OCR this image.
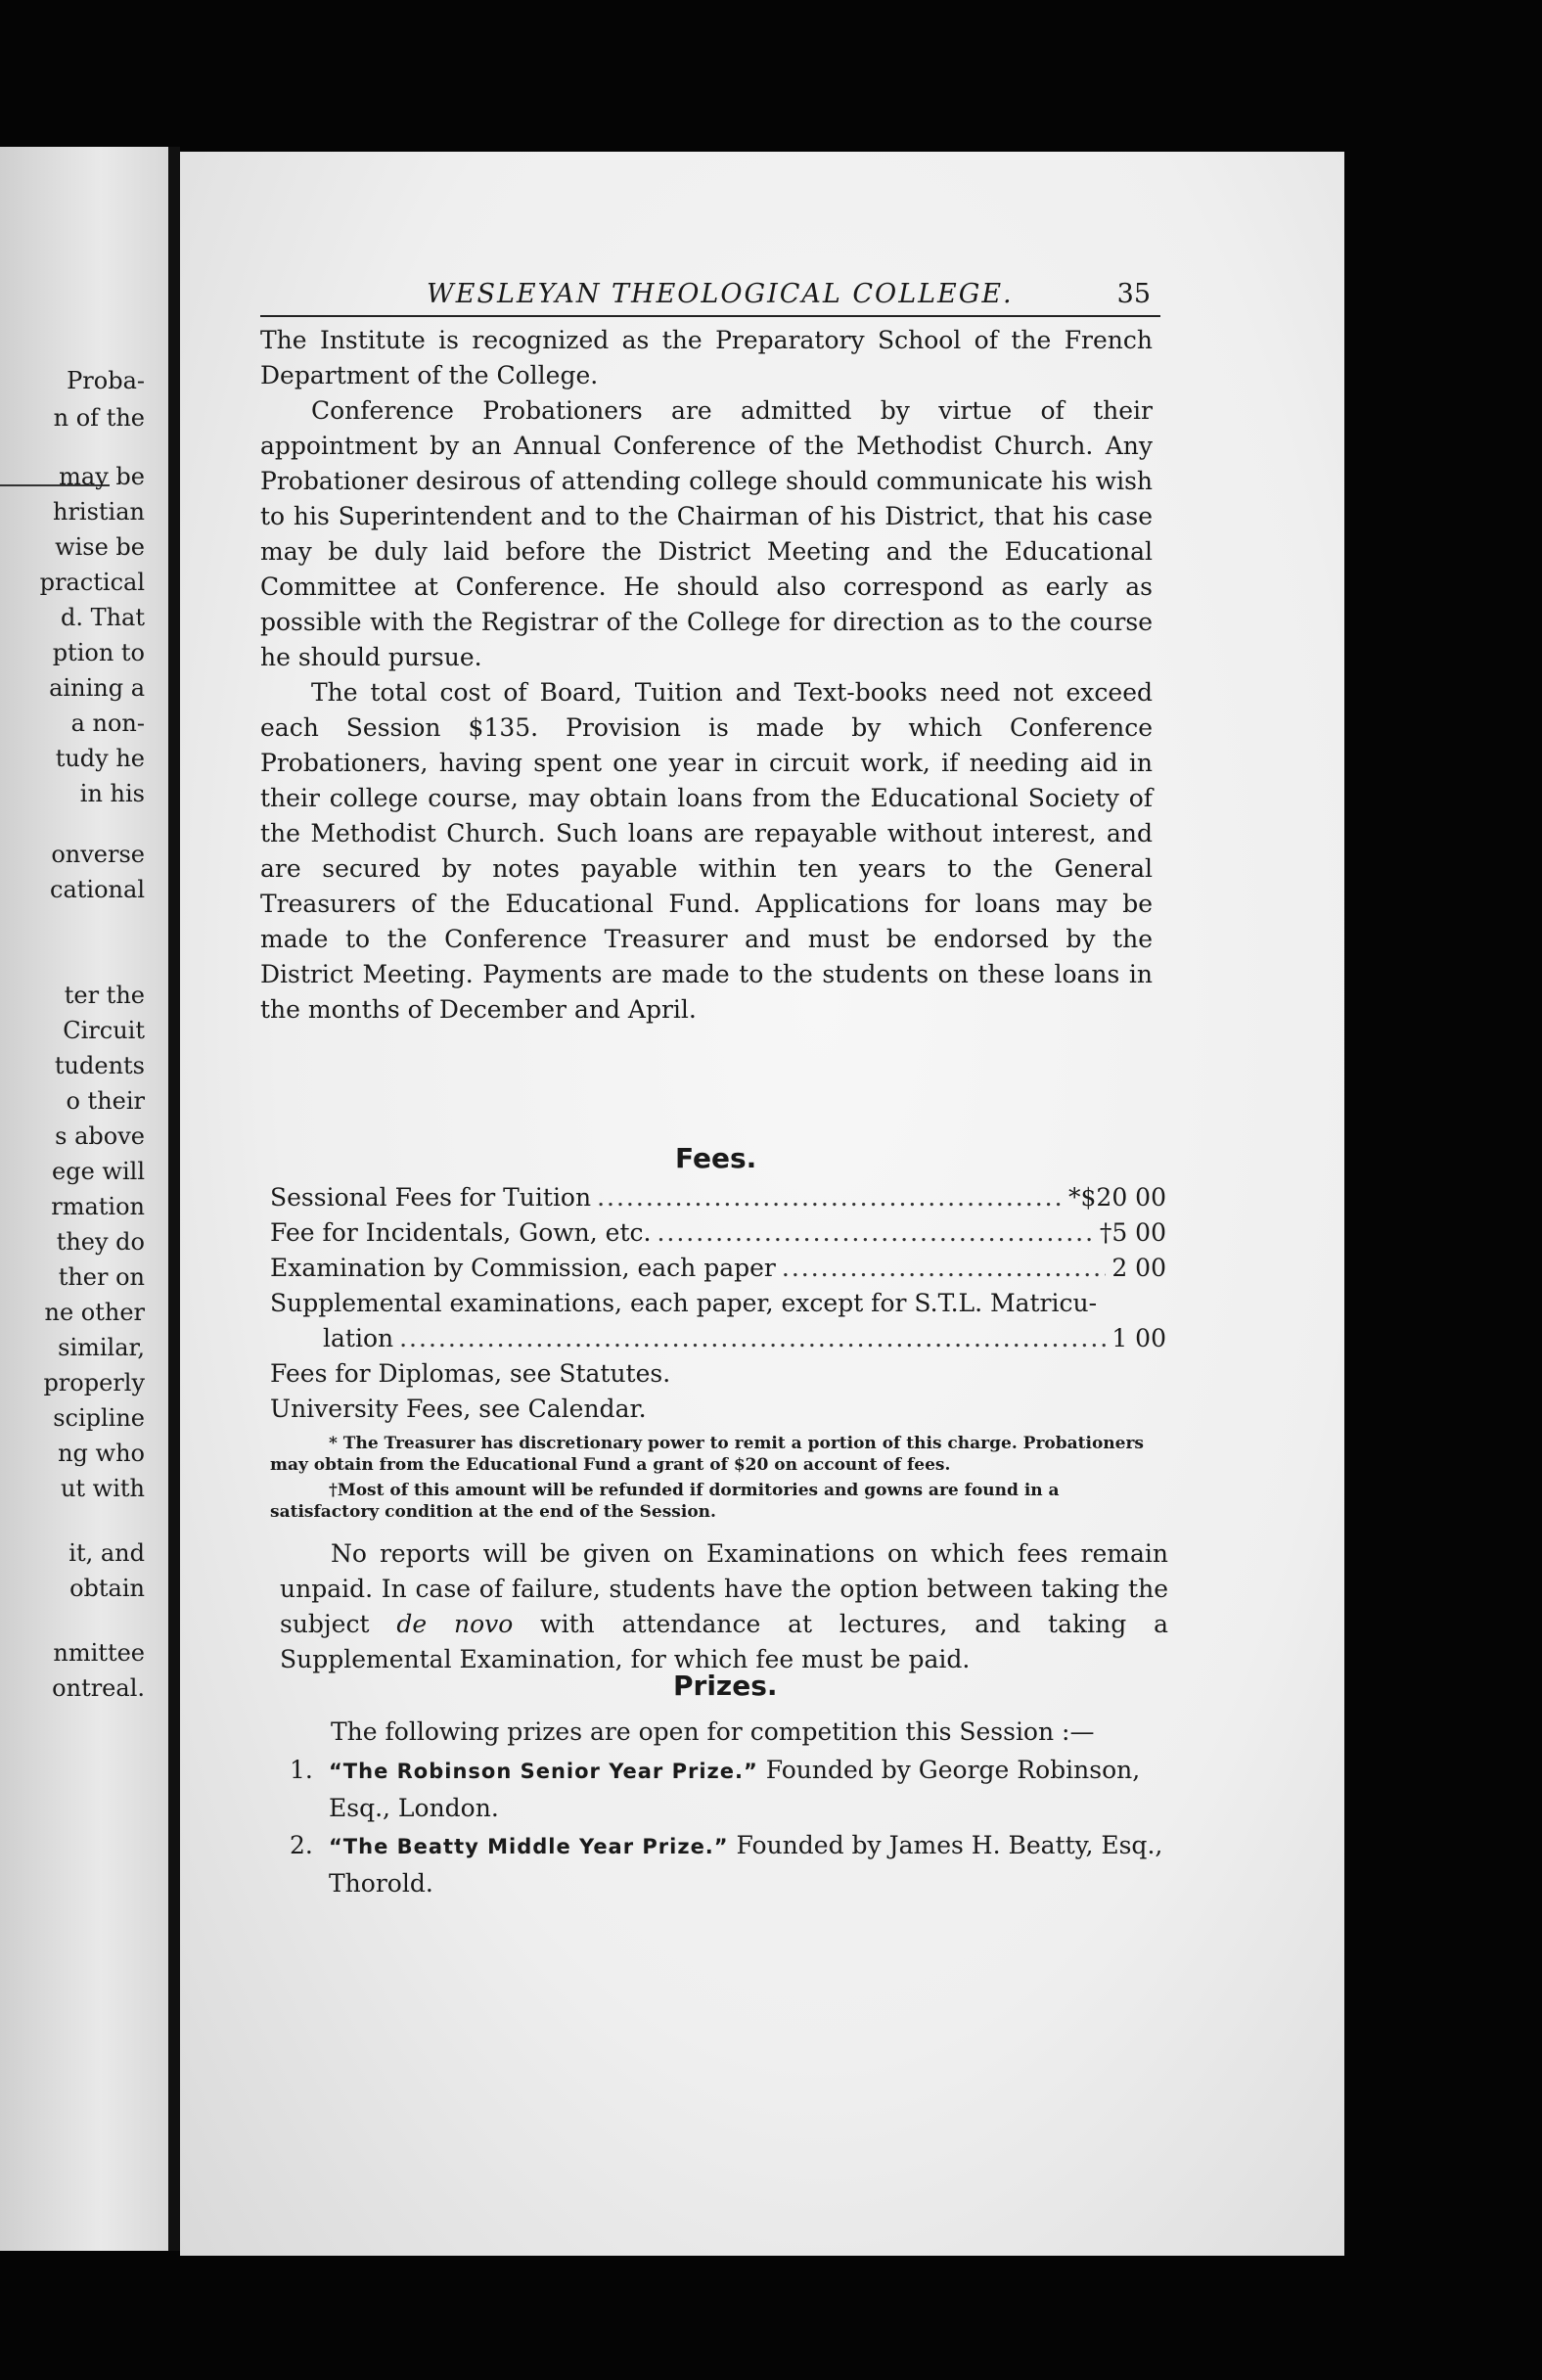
Proba-
n of the
may be
hristian
wise be
practical
d. That
ption to
aining a
a non-
tudy he
in his
onverse
cational
ter the
Circuit
tudents
o their
s above
ege will
rmation
they do
ther on
ne other
similar,
properly
scipline
ng who
ut with
it, and
obtain
nmittee
ontreal.
WESLEYAN THEOLOGICAL COLLEGE.	35

The Institute is recognized as the Preparatory School of the French Department of the College.

Conference Probationers are admitted by virtue of their appointment by an Annual Conference of the Methodist Church. Any Probationer desirous of attending college should communicate his wish to his Superintendent and to the Chairman of his District, that his case may be duly laid before the District Meeting and the Educational Committee at Conference. He should also correspond as early as possible with the Registrar of the College for direction as to the course he should pursue.

The total cost of Board, Tuition and Text-books need not exceed each Session $135. Provision is made by which Conference Probationers, having spent one year in circuit work, if needing aid in their college course, may obtain loans from the Educational Society of the Methodist Church. Such loans are repayable without interest, and are secured by notes payable within ten years to the General Treasurers of the Educational Fund. Applications for loans may be made to the Conference Treasurer and must be endorsed by the District Meeting. Payments are made to the students on these loans in the months of December and April.

Fees.
Sessional Fees for Tuition .....	*$20 00
Fee for Incidentals, Gown, etc. .....	†5 00
Examination by Commission, each paper .....	2 00
Supplemental examinations, each paper, except for S.T.L. Matricu-
lation .....	1 00

Fees for Diplomas, see Statutes.

University Fees, see Calendar.

* The Treasurer has discretionary power to remit a portion of this charge. Probationers may obtain from the Educational Fund a grant of $20 on account of fees.

†Most of this amount will be refunded if dormitories and gowns are found in a satisfactory condition at the end of the Session.

No reports will be given on Examinations on which fees remain unpaid. In case of failure, students have the option between taking the subject de novo with attendance at lectures, and taking a Supplemental Examination, for which fee must be paid.

Prizes.

The following prizes are open for competition this Session :—

1. “The Robinson Senior Year Prize.” Founded by George Robinson, Esq., London.
2. “The Beatty Middle Year Prize.” Founded by James H. Beatty, Esq., Thorold.
